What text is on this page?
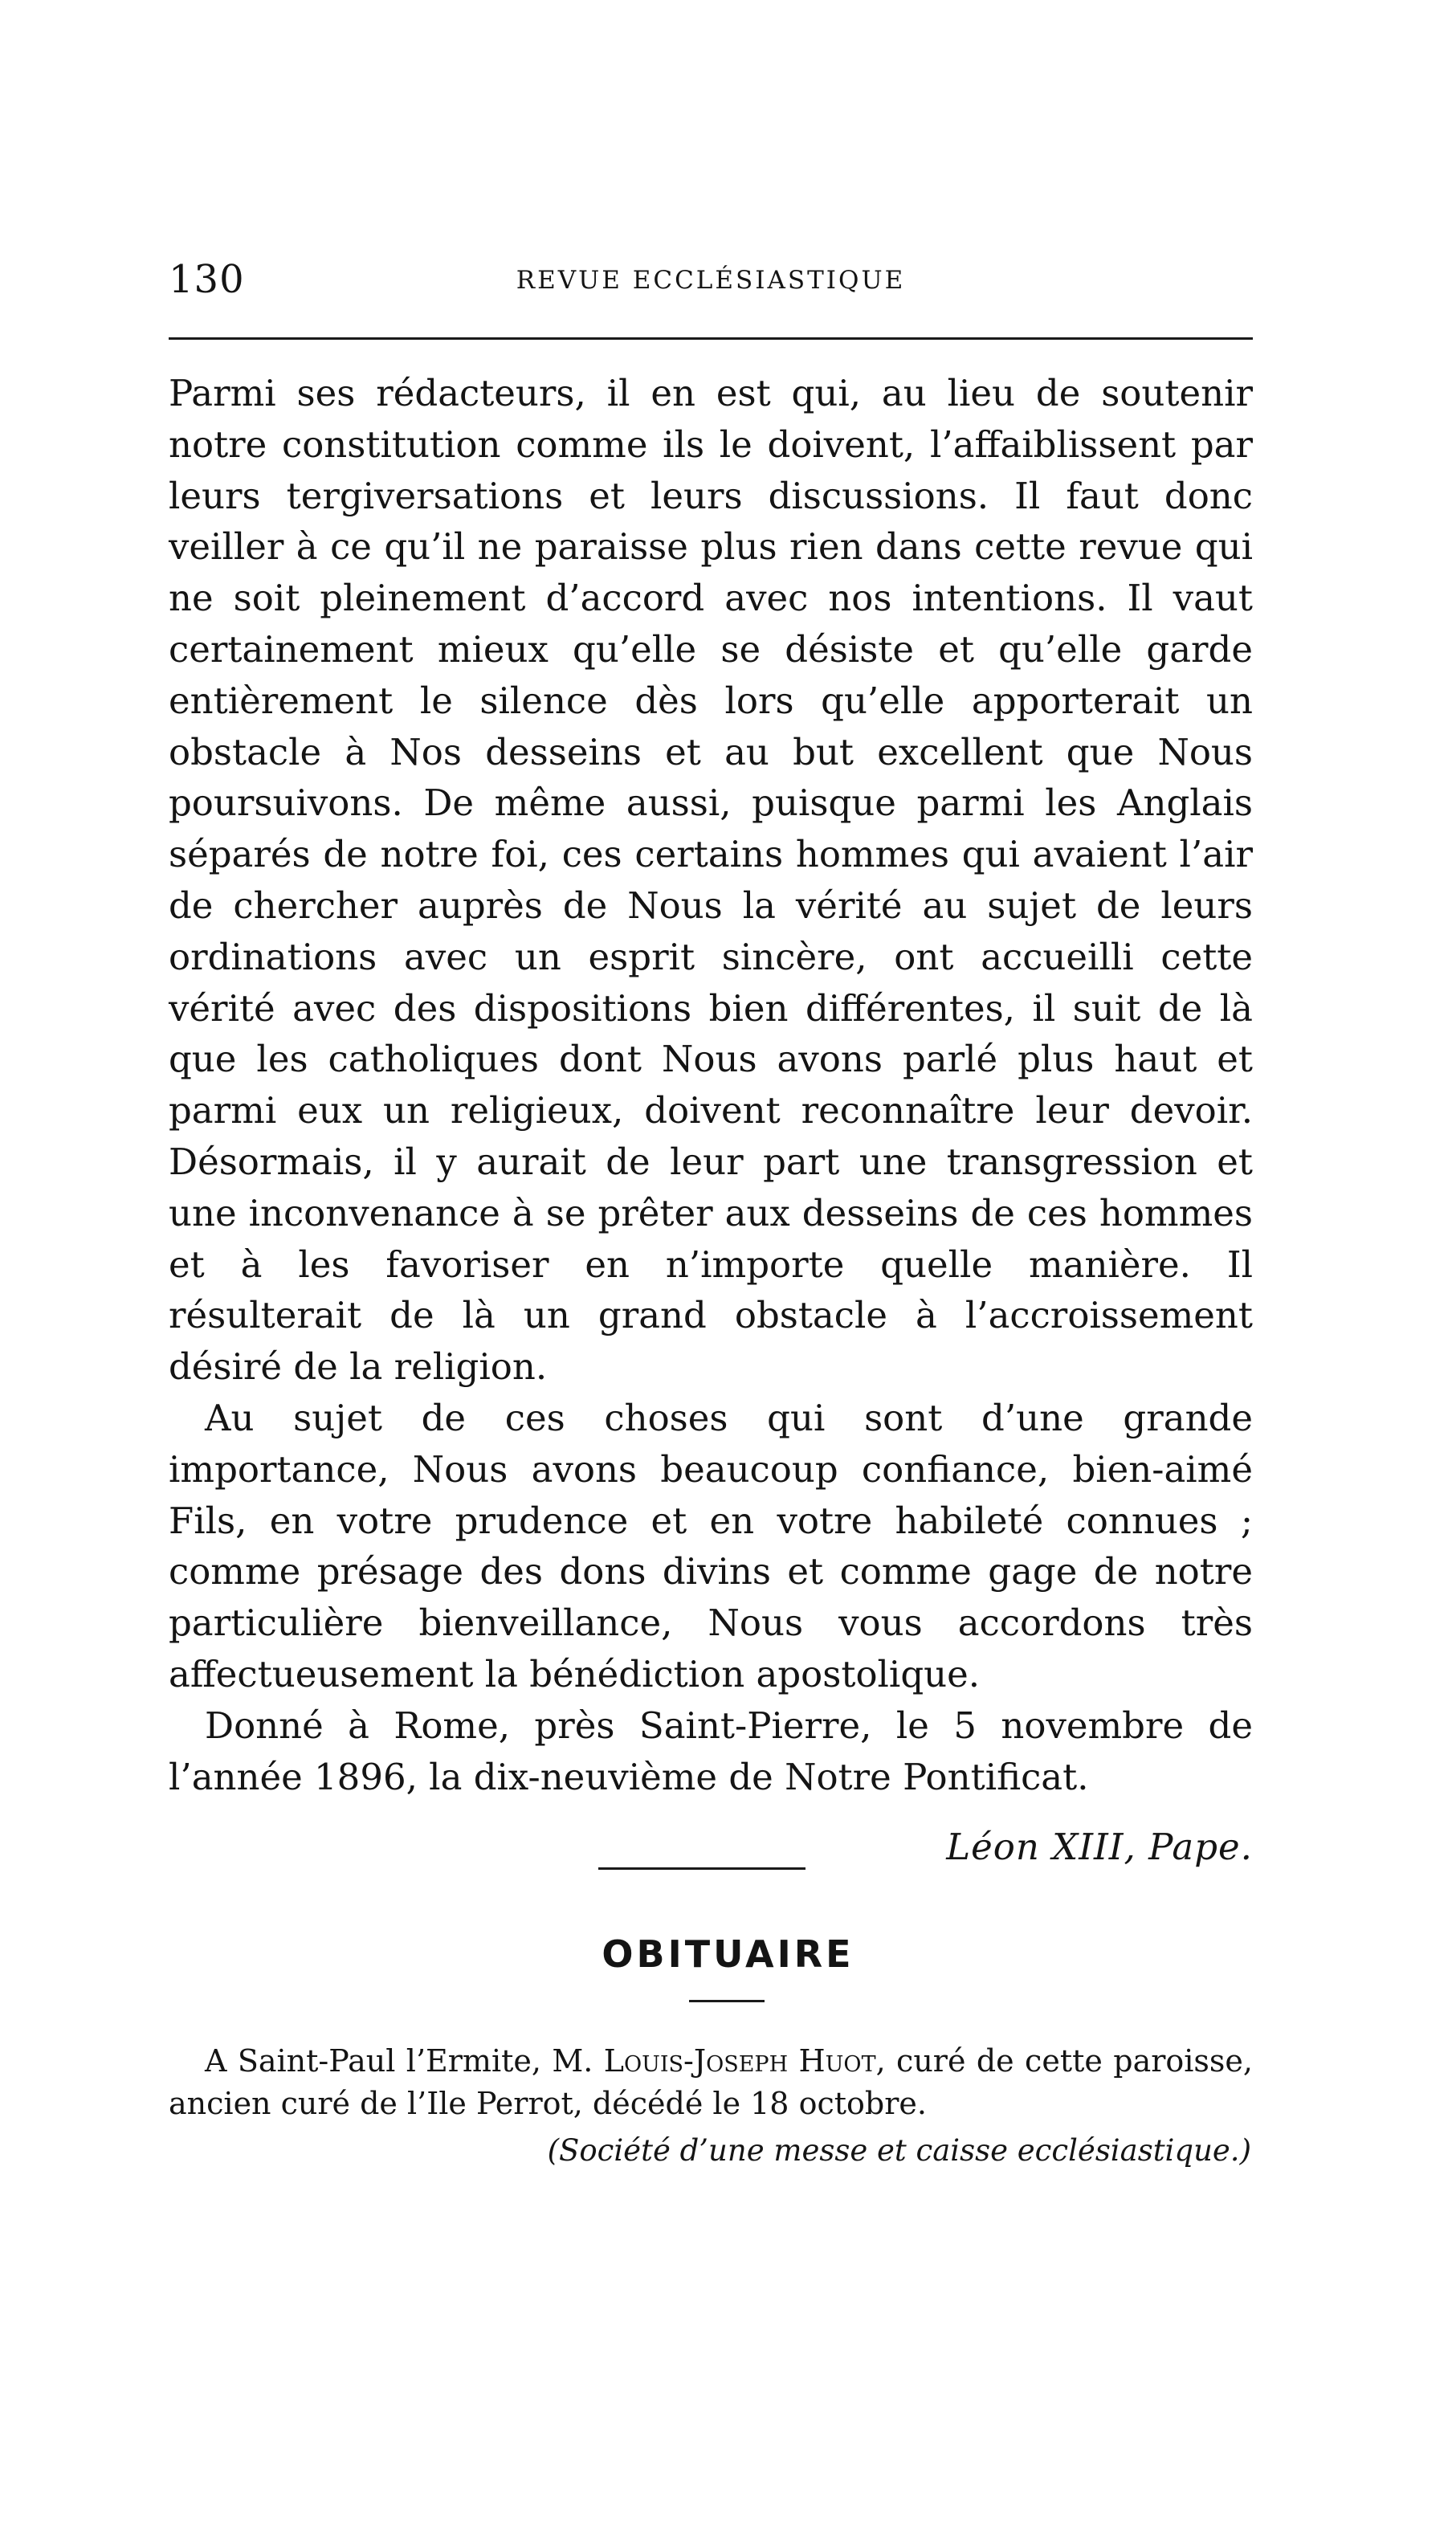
130	REVUE ECCLÉSIASTIQUE

Parmi ses rédacteurs, il en est qui, au lieu de soutenir notre constitution comme ils le doivent, l’affaiblissent par leurs tergiversations et leurs discussions. Il faut donc veiller à ce qu’il ne paraisse plus rien dans cette revue qui ne soit pleinement d’accord avec nos intentions. Il vaut certainement mieux qu’elle se désiste et qu’elle garde entièrement le silence dès lors qu’elle apporterait un obstacle à Nos desseins et au but excellent que Nous poursuivons. De même aussi, puisque parmi les Anglais séparés de notre foi, ces certains hommes qui avaient l’air de chercher auprès de Nous la vérité au sujet de leurs ordinations avec un esprit sincère, ont accueilli cette vérité avec des dispositions bien différentes, il suit de là que les catholiques dont Nous avons parlé plus haut et parmi eux un religieux, doivent reconnaître leur devoir. Désormais, il y aurait de leur part une transgression et une inconvenance à se prêter aux desseins de ces hommes et à les favoriser en n’importe quelle manière. Il résulterait de là un grand obstacle à l’accroissement désiré de la religion.

Au sujet de ces choses qui sont d’une grande importance, Nous avons beaucoup confiance, bien-aimé Fils, en votre prudence et en votre habileté connues ; comme présage des dons divins et comme gage de notre particulière bienveillance, Nous vous accordons très affectueusement la bénédiction apostolique.

Donné à Rome, près Saint-Pierre, le 5 novembre de l’année 1896, la dix-neuvième de Notre Pontificat.

Léon XIII, Pape.
OBITUAIRE

A Saint-Paul l’Ermite, M. Louis-Joseph Huot, curé de cette paroisse, ancien curé de l’Ile Perrot, décédé le 18 octobre.

(Société d’une messe et caisse ecclésiastique.)
